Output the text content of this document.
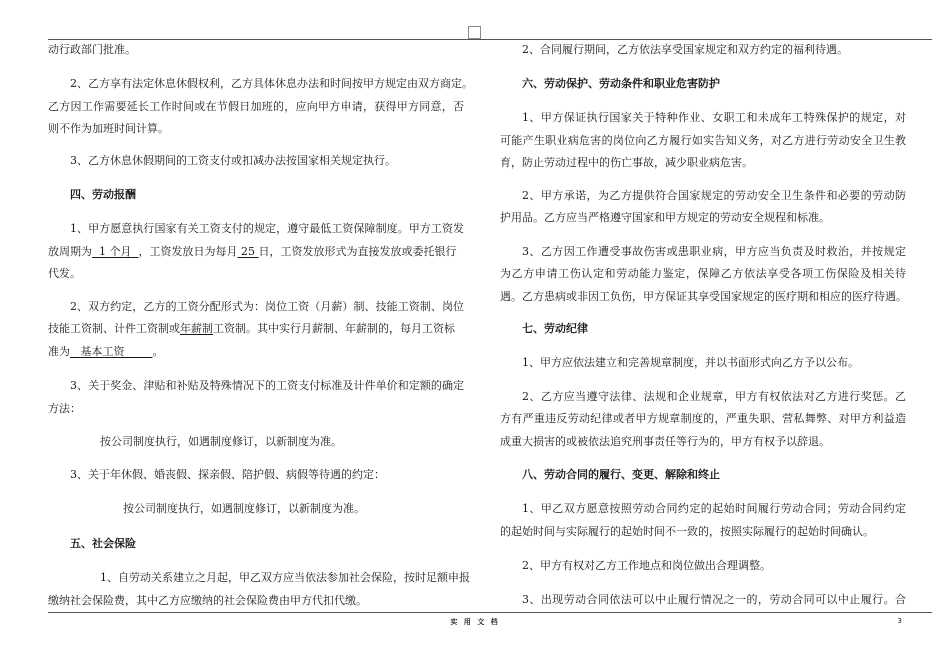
动行政部门批准。
2、乙方享有法定休息休假权利，乙方具体休息办法和时间按甲方规定由双方商定。
乙方因工作需要延长工作时间或在节假日加班的，应向甲方申请，获得甲方同意，否
则不作为加班时间计算。
3、乙方休息休假期间的工资支付或扣减办法按国家相关规定执行。
四、劳动报酬
1、甲方愿意执行国家有关工资支付的规定，遵守最低工资保障制度。甲方工资发
放周期为  1 个月  ，工资发放日为每月 25 日，工资发放形式为直接发放或委托银行
代发。
2、双方约定，乙方的工资分配形式为：岗位工资（月薪）制、技能工资制、岗位
技能工资制、计件工资制或年薪制工资制。其中实行月薪制、年薪制的，每月工资标
准为   基本工资        。
3、关于奖金、津贴和补贴及特殊情况下的工资支付标准及计件单价和定额的确定
方法：
按公司制度执行，如遇制度修订，以新制度为准。
3、关于年休假、婚丧假、探亲假、陪护假、病假等待遇的约定：
按公司制度执行，如遇制度修订，以新制度为准。
五、社会保险
1、自劳动关系建立之月起，甲乙双方应当依法参加社会保险，按时足额申报
缴纳社会保险费，其中乙方应缴纳的社会保险费由甲方代扣代缴。
2、合同履行期间，乙方依法享受国家规定和双方约定的福利待遇。
六、劳动保护、劳动条件和职业危害防护
1、甲方保证执行国家关于特种作业、女职工和未成年工特殊保护的规定，对
可能产生职业病危害的岗位向乙方履行如实告知义务，对乙方进行劳动安全卫生教
育，防止劳动过程中的伤亡事故，减少职业病危害。
2、甲方承诺，为乙方提供符合国家规定的劳动安全卫生条件和必要的劳动防
护用品。乙方应当严格遵守国家和甲方规定的劳动安全规程和标准。
3、乙方因工作遭受事故伤害或患职业病，甲方应当负责及时救治，并按规定
为乙方申请工伤认定和劳动能力鉴定，保障乙方依法享受各项工伤保险及相关待
遇。乙方患病或非因工负伤，甲方保证其享受国家规定的医疗期和相应的医疗待遇。
七、劳动纪律
1、甲方应依法建立和完善规章制度，并以书面形式向乙方予以公布。
2、乙方应当遵守法律、法规和企业规章，甲方有权依法对乙方进行奖惩。乙
方有严重违反劳动纪律或者甲方规章制度的，严重失职、营私舞弊、对甲方利益造
成重大损害的或被依法追究刑事责任等行为的，甲方有权予以辞退。
八、劳动合同的履行、变更、解除和终止
1、甲乙双方愿意按照劳动合同约定的起始时间履行劳动合同；劳动合同约定
的起始时间与实际履行的起始时间不一致的，按照实际履行的起始时间确认。
2、甲方有权对乙方工作地点和岗位做出合理调整。
3、出现劳动合同依法可以中止履行情况之一的，劳动合同可以中止履行。合
实 用 文 档	3
